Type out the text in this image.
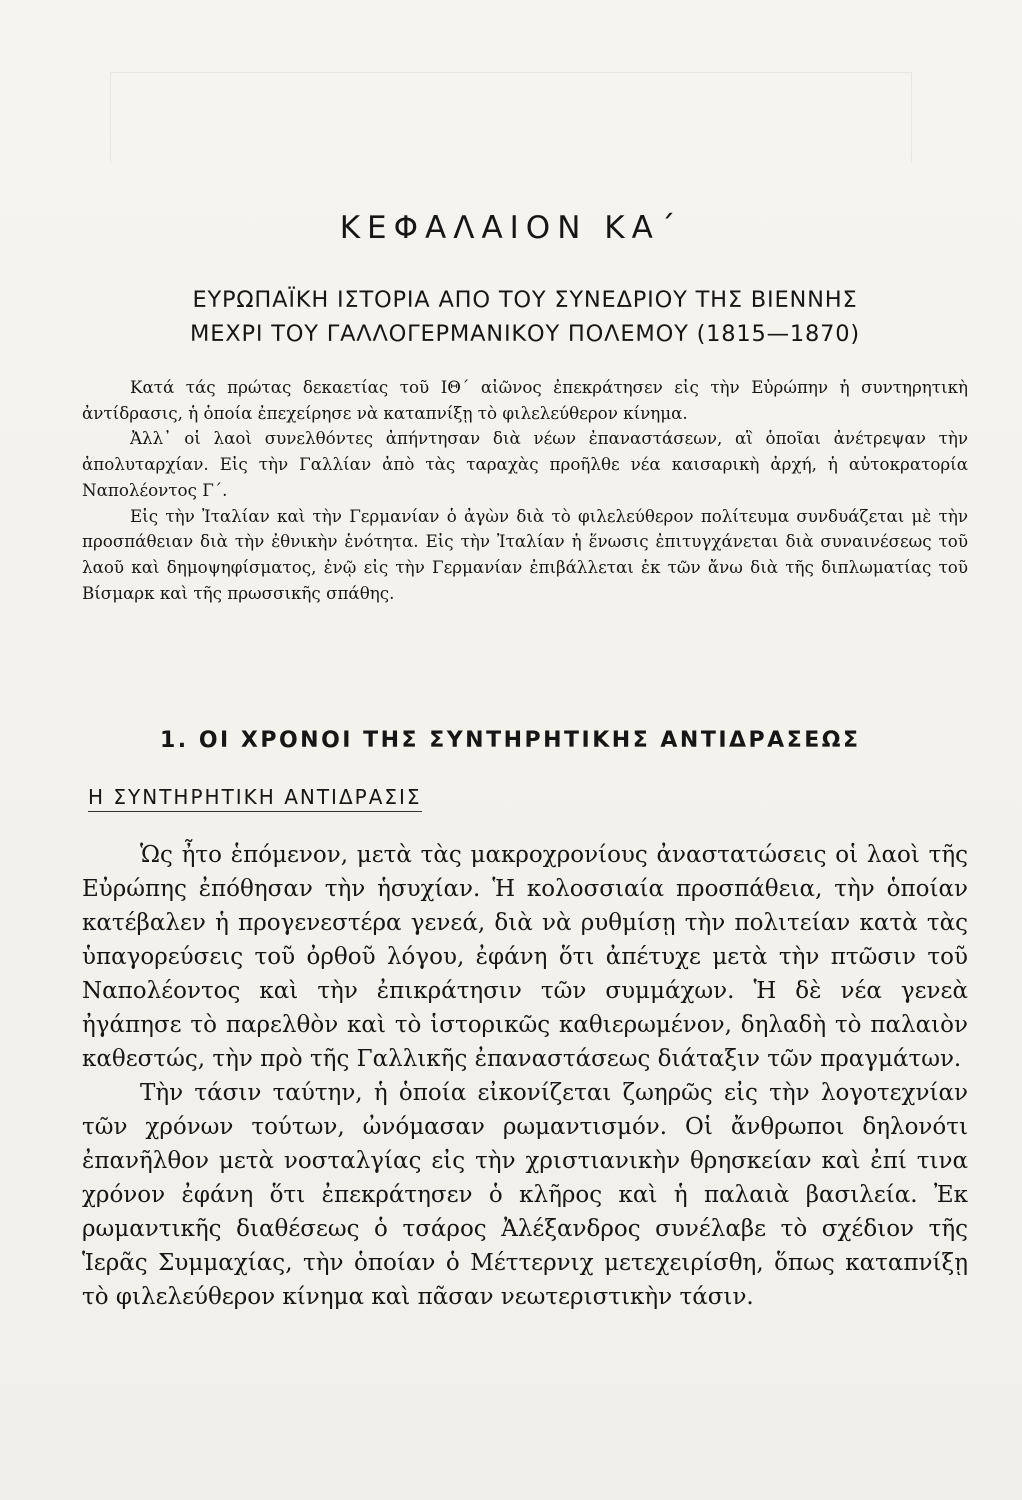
ΚΕΦΑΛΑΙΟΝ ΚΑ΄
ΕΥΡΩΠΑΪΚΗ ΙΣΤΟΡΙΑ ΑΠΟ ΤΟΥ ΣΥΝΕΔΡΙΟΥ ΤΗΣ ΒΙΕΝΝΗΣ
ΜΕΧΡΙ ΤΟΥ ΓΑΛΛΟΓΕΡΜΑΝΙΚΟΥ ΠΟΛΕΜΟΥ (1815—1870)

Κατά τάς πρώτας δεκαετίας τοῦ ΙΘ΄ αἰῶνος ἐπεκράτησεν εἰς τὴν Εὐρώπην ἡ συντηρητικὴ ἀντίδρασις, ἡ ὁποία ἐπεχείρησε νὰ καταπνίξῃ τὸ φιλελεύθερον κίνημα.

Ἀλλ᾽ οἱ λαοὶ συνελθόντες ἀπήντησαν διὰ νέων ἐπαναστάσεων, αἳ ὁποῖαι ἀνέτρεψαν τὴν ἀπολυταρχίαν. Εἰς τὴν Γαλλίαν ἀπὸ τὰς ταραχὰς προῆλθε νέα καισαρικὴ ἀρχή, ἡ αὐτοκρατορία Ναπολέοντος Γ΄.

Εἰς τὴν Ἰταλίαν καὶ τὴν Γερμανίαν ὁ ἀγὼν διὰ τὸ φιλελεύθερον πολίτευμα συνδυάζεται μὲ τὴν προσπάθειαν διὰ τὴν ἐθνικὴν ἑνότητα. Εἰς τὴν Ἰταλίαν ἡ ἕνωσις ἐπιτυγχάνεται διὰ συναινέσεως τοῦ λαοῦ καὶ δημοψηφίσματος, ἐνῷ εἰς τὴν Γερμανίαν ἐπιβάλλεται ἐκ τῶν ἄνω διὰ τῆς διπλωματίας τοῦ Βίσμαρκ καὶ τῆς πρωσσικῆς σπάθης.

1. ΟΙ ΧΡΟΝΟΙ ΤΗΣ ΣΥΝΤΗΡΗΤΙΚΗΣ ΑΝΤΙΔΡΑΣΕΩΣ
Η ΣΥΝΤΗΡΗΤΙΚΗ ΑΝΤΙΔΡΑΣΙΣ

Ὡς ἦτο ἑπόμενον, μετὰ τὰς μακροχρονίους ἀναστατώσεις οἱ λαοὶ τῆς Εὐρώπης ἐπόθησαν τὴν ἡσυχίαν. Ἡ κολοσσιαία προσπάθεια, τὴν ὁποίαν κατέβαλεν ἡ προγενεστέρα γενεά, διὰ νὰ ρυθμίσῃ τὴν πολιτείαν κατὰ τὰς ὑπαγορεύσεις τοῦ ὀρθοῦ λόγου, ἐφάνη ὅτι ἀπέτυχε μετὰ τὴν πτῶσιν τοῦ Ναπολέοντος καὶ τὴν ἐπικράτησιν τῶν συμμάχων. Ἡ δὲ νέα γενεὰ ἠγάπησε τὸ παρελθὸν καὶ τὸ ἱστορικῶς καθιερωμένον, δηλαδὴ τὸ παλαιὸν καθεστώς, τὴν πρὸ τῆς Γαλλικῆς ἐπαναστάσεως διάταξιν τῶν πραγμάτων.

Τὴν τάσιν ταύτην, ἡ ὁποία εἰκονίζεται ζωηρῶς εἰς τὴν λογοτεχνίαν τῶν χρόνων τούτων, ὠνόμασαν ρωμαντισμόν. Οἱ ἄνθρωποι δηλονότι ἐπανῆλθον μετὰ νοσταλγίας εἰς τὴν χριστιανικὴν θρησκείαν καὶ ἐπί τινα χρόνον ἐφάνη ὅτι ἐπεκράτησεν ὁ κλῆρος καὶ ἡ παλαιὰ βασιλεία. Ἐκ ρωμαντικῆς διαθέσεως ὁ τσάρος Ἀλέξανδρος συνέλαβε τὸ σχέδιον τῆς Ἱερᾶς Συμμαχίας, τὴν ὁποίαν ὁ Μέττερνιχ μετεχειρίσθη, ὅπως καταπνίξῃ τὸ φιλελεύθερον κίνημα καὶ πᾶσαν νεωτεριστικὴν τάσιν.
